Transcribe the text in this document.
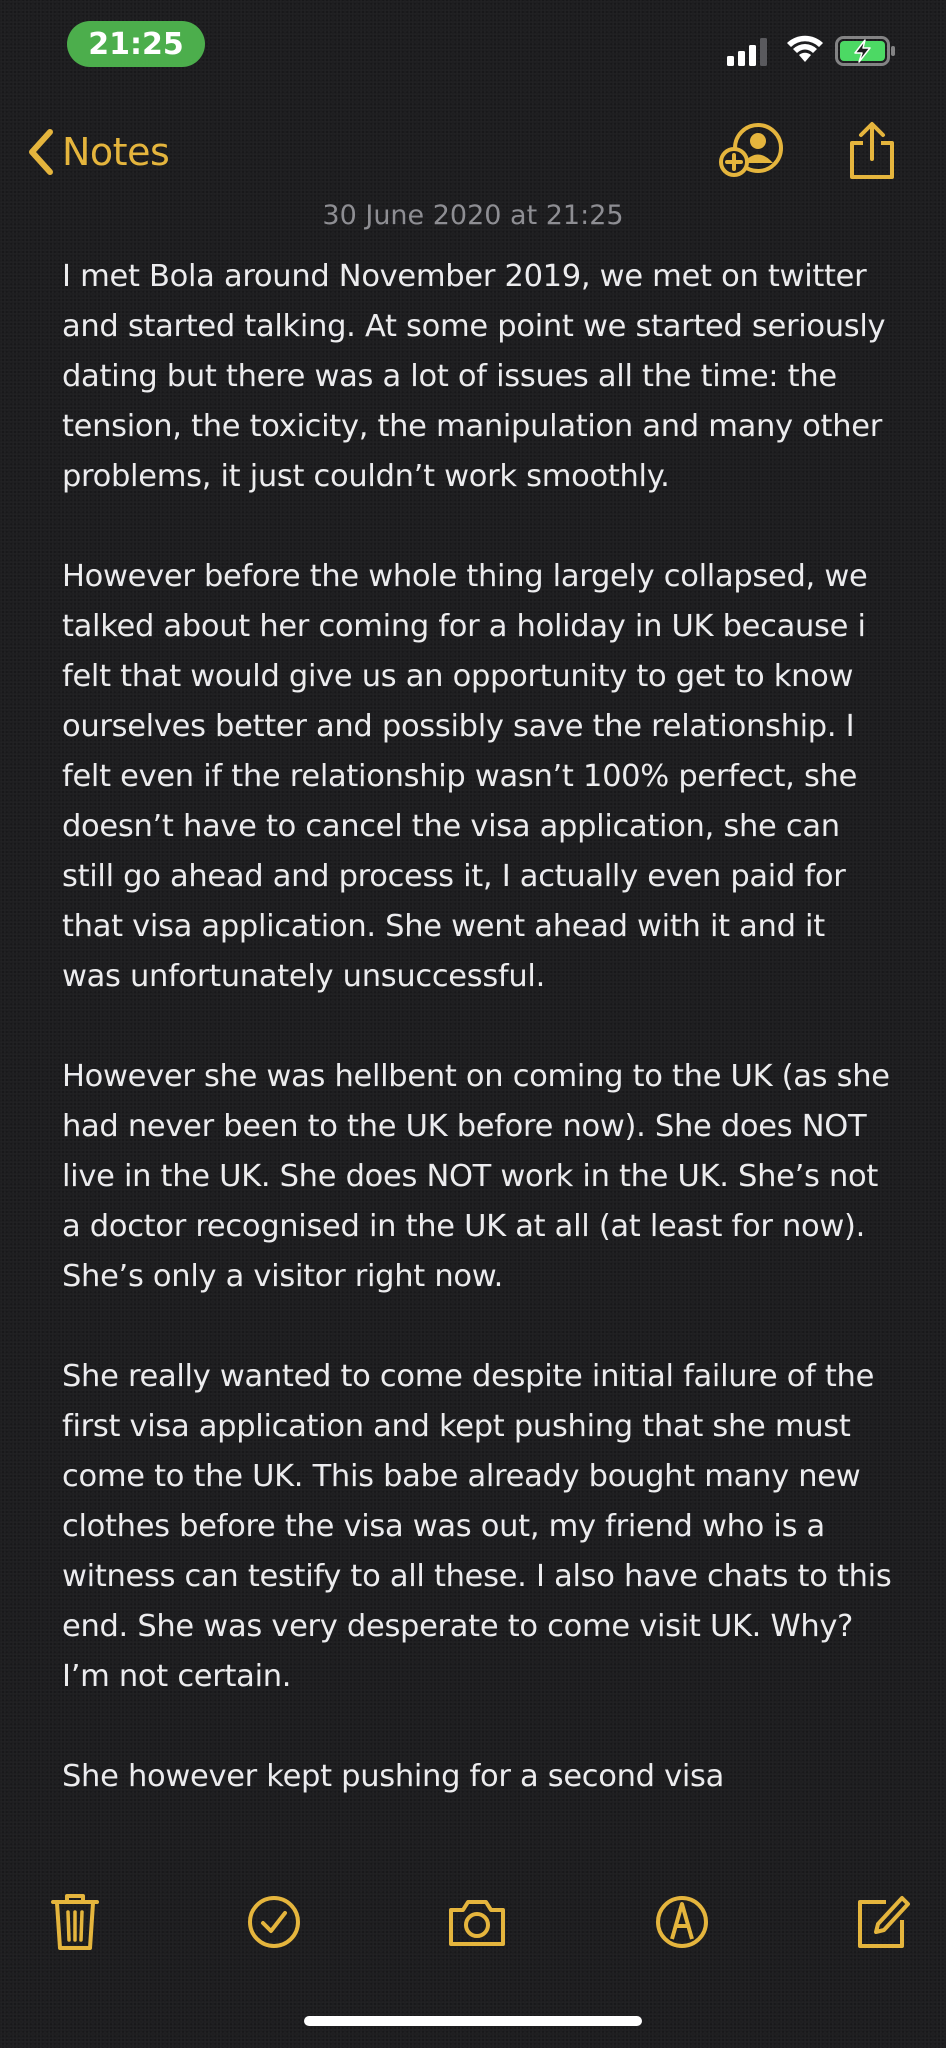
21:25
Notes
30 June 2020 at 21:25

I met Bola around November 2019, we met on twitter and started talking. At some point we started seriously dating but there was a lot of issues all the time: the tension, the toxicity, the manipulation and many other problems, it just couldn’t work smoothly.

However before the whole thing largely collapsed, we talked about her coming for a holiday in UK because i felt that would give us an opportunity to get to know ourselves better and possibly save the relationship. I felt even if the relationship wasn’t 100% perfect, she doesn’t have to cancel the visa application, she can still go ahead and process it, I actually even paid for that visa application. She went ahead with it and it was unfortunately unsuccessful.

However she was hellbent on coming to the UK (as she had never been to the UK before now). She does NOT live in the UK. She does NOT work in the UK. She’s not a doctor recognised in the UK at all (at least for now). She’s only a visitor right now.

She really wanted to come despite initial failure of the first visa application and kept pushing that she must come to the UK. This babe already bought many new clothes before the visa was out, my friend who is a witness can testify to all these. I also have chats to this end. She was very desperate to come visit UK. Why? I’m not certain.

She however kept pushing for a second visa
